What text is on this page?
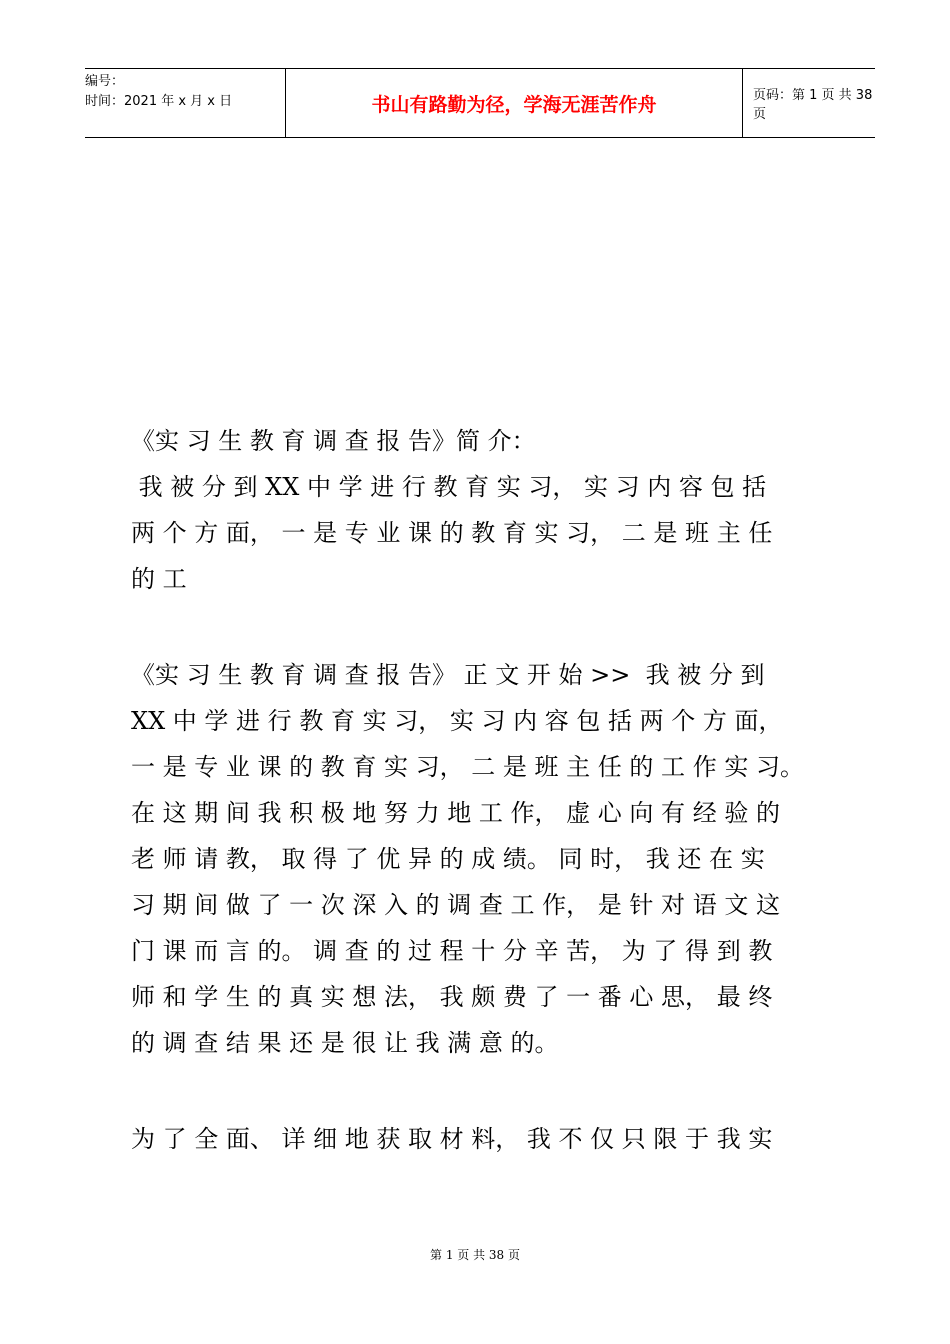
编号：
时间：2021 年 x 月 x 日	书山有路勤为径，学海无涯苦作舟	页码：第 1 页 共 38 页
《实 习 生 教 育 调 查 报 告》简 介：
我 被 分 到 XX 中 学 进 行 教 育 实 习， 实 习 内 容 包 括
两 个 方 面， 一 是 专 业 课 的 教 育 实 习， 二 是 班 主 任
的 工
《实 习 生 教 育 调 查 报 告》 正 文 开 始 >>  我 被 分 到
XX 中 学 进 行 教 育 实 习， 实 习 内 容 包 括 两 个 方 面，
一 是 专 业 课 的 教 育 实 习， 二 是 班 主 任 的 工 作 实 习。
在 这 期 间 我 积 极 地 努 力 地 工 作， 虚 心 向 有 经 验 的
老 师 请 教， 取 得 了 优 异 的 成 绩。 同 时， 我 还 在 实
习 期 间 做 了 一 次 深 入 的 调 查 工 作， 是 针 对 语 文 这
门 课 而 言 的。 调 查 的 过 程 十 分 辛 苦， 为 了 得 到 教
师 和 学 生 的 真 实 想 法， 我 颇 费 了 一 番 心 思， 最 终
的 调 查 结 果 还 是 很 让 我 满 意 的。
为 了 全 面、 详 细 地 获 取 材 料， 我 不 仅 只 限 于 我 实
第 1 页 共 38 页
